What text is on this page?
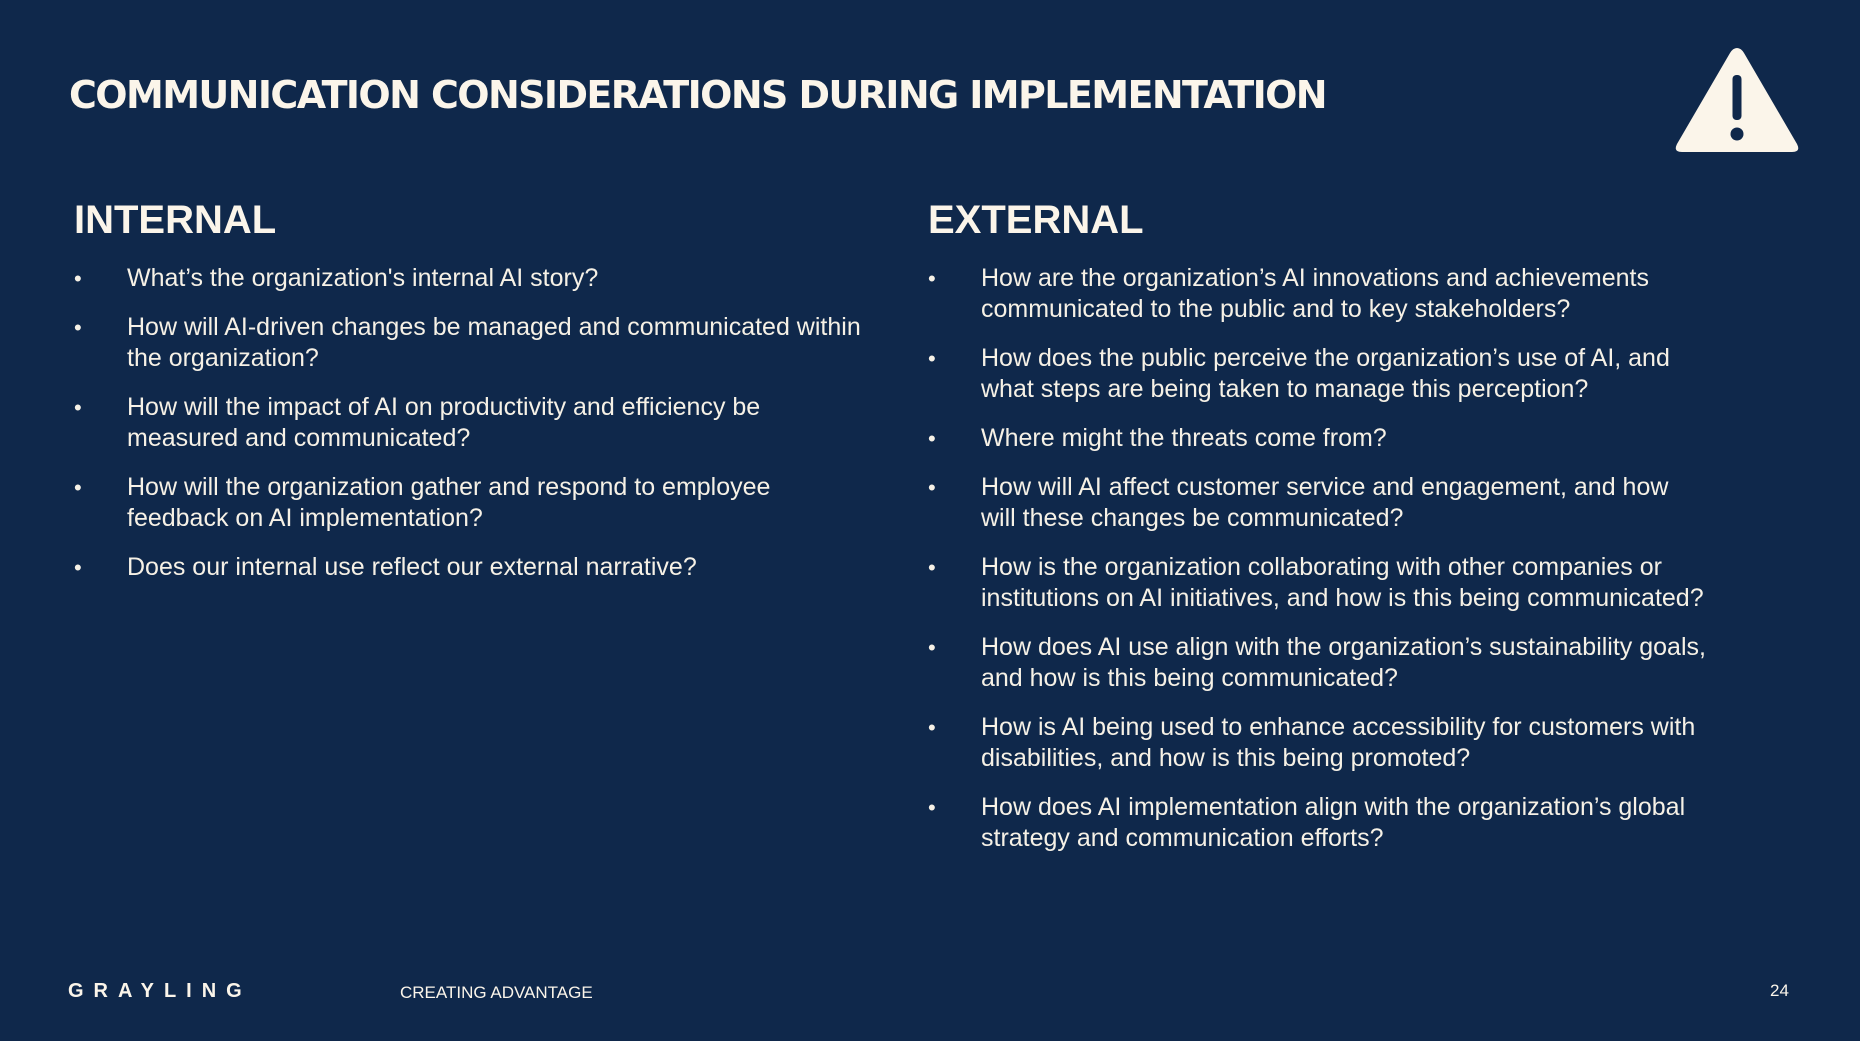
COMMUNICATION CONSIDERATIONS DURING IMPLEMENTATION
INTERNAL
• What’s the organization's internal AI story?
• How will AI-driven changes be managed and communicated within the organization?
• How will the impact of AI on productivity and efficiency be measured and communicated?
• How will the organization gather and respond to employee feedback on AI implementation?
• Does our internal use reflect our external narrative?
EXTERNAL
• How are the organization’s AI innovations and achievements communicated to the public and to key stakeholders?
• How does the public perceive the organization’s use of AI, and what steps are being taken to manage this perception?
• Where might the threats come from?
• How will AI affect customer service and engagement, and how will these changes be communicated?
• How is the organization collaborating with other companies or institutions on AI initiatives, and how is this being communicated?
• How does AI use align with the organization’s sustainability goals, and how is this being communicated?
• How is AI being used to enhance accessibility for customers with disabilities, and how is this being promoted?
• How does AI implementation align with the organization’s global strategy and communication efforts?
GRAYLING	CREATING ADVANTAGE	24
